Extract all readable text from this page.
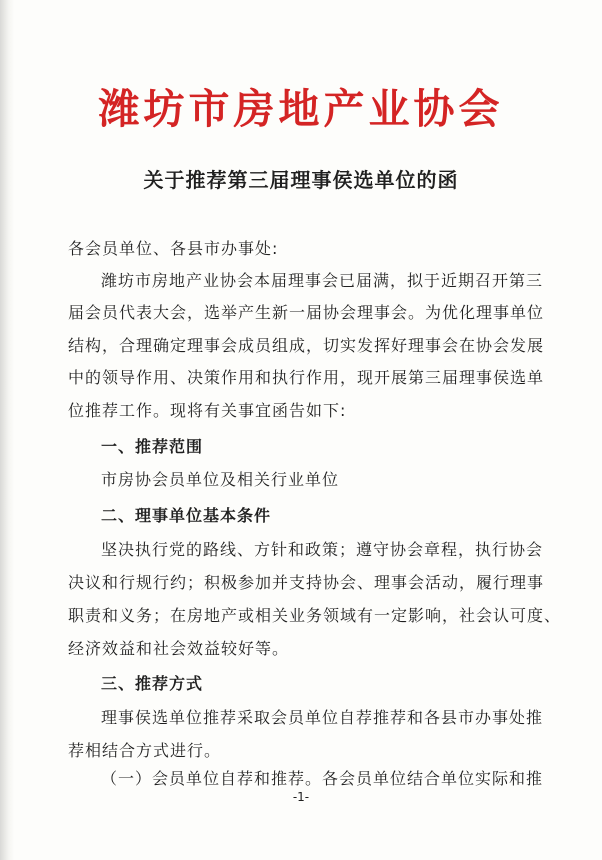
潍坊市房地产业协会
关于推荐第三届理事侯选单位的函
各会员单位、各县市办事处:
潍坊市房地产业协会本届理事会已届满，拟于近期召开第三
届会员代表大会，选举产生新一届协会理事会。为优化理事单位
结构，合理确定理事会成员组成，切实发挥好理事会在协会发展
中的领导作用、决策作用和执行作用，现开展第三届理事侯选单
位推荐工作。现将有关事宜函告如下:
一、推荐范围
市房协会员单位及相关行业单位
二、理事单位基本条件
坚决执行党的路线、方针和政策；遵守协会章程，执行协会
决议和行规行约；积极参加并支持协会、理事会活动，履行理事
职责和义务；在房地产或相关业务领域有一定影响，社会认可度、
经济效益和社会效益较好等。
三、推荐方式
理事侯选单位推荐采取会员单位自荐推荐和各县市办事处推
荐相结合方式进行。
（一）会员单位自荐和推荐。各会员单位结合单位实际和推
-1-
